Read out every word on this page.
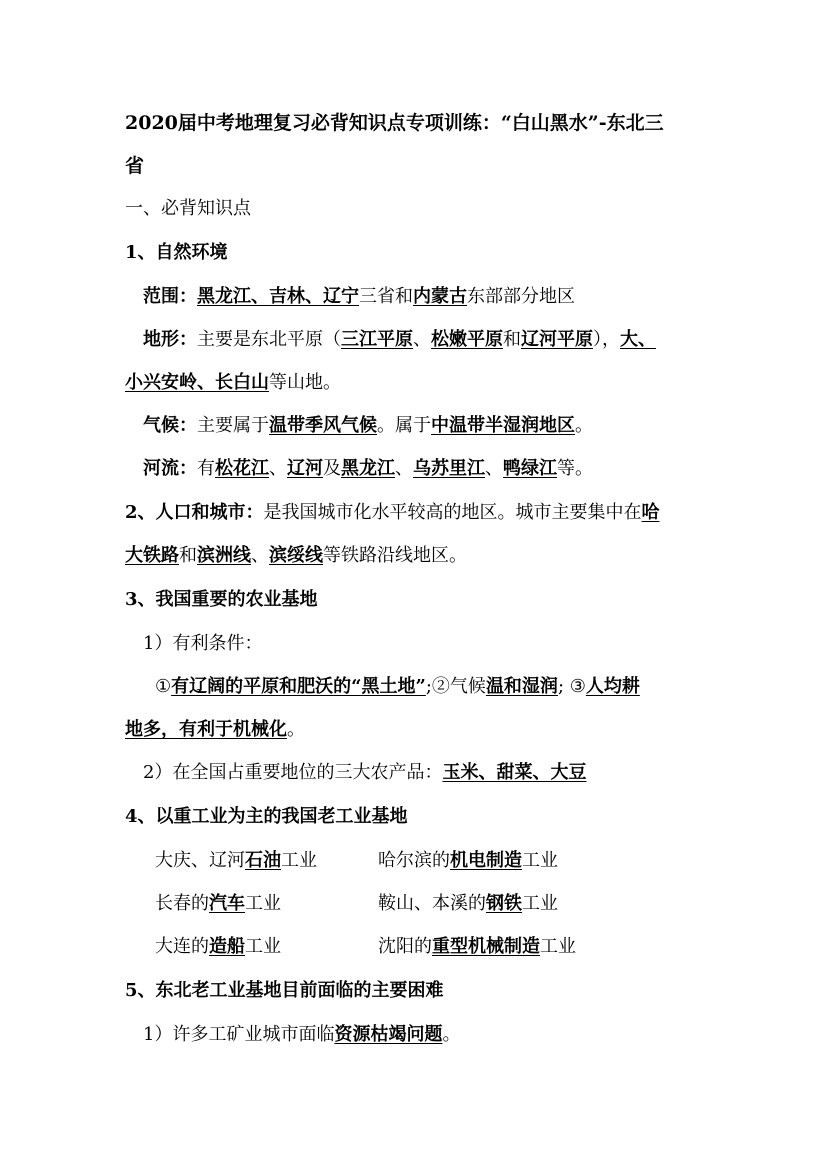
2020届中考地理复习必背知识点专项训练：“白山黑水”-东北三
省
一、必背知识点
1、自然环境
范围：黑龙江、吉林、辽宁三省和内蒙古东部部分地区
地形：主要是东北平原（三江平原、松嫩平原和辽河平原），大、
小兴安岭、长白山等山地。
气候：主要属于温带季风气候。属于中温带半湿润地区。
河流：有松花江、辽河及黑龙江、乌苏里江、鸭绿江等。
2、人口和城市：是我国城市化水平较高的地区。城市主要集中在哈
大铁路和滨洲线、滨绥线等铁路沿线地区。
3、我国重要的农业基地
1）有利条件：
①有辽阔的平原和肥沃的“黑土地”;②气候温和湿润; ③人均耕
地多，有利于机械化。
2）在全国占重要地位的三大农产品：玉米、甜菜、大豆
4、以重工业为主的我国老工业基地
大庆、辽河石油工业	哈尔滨的机电制造工业
长春的汽车工业	鞍山、本溪的钢铁工业
大连的造船工业	沈阳的重型机械制造工业
5、东北老工业基地目前面临的主要困难
1）许多工矿业城市面临资源枯竭问题。
